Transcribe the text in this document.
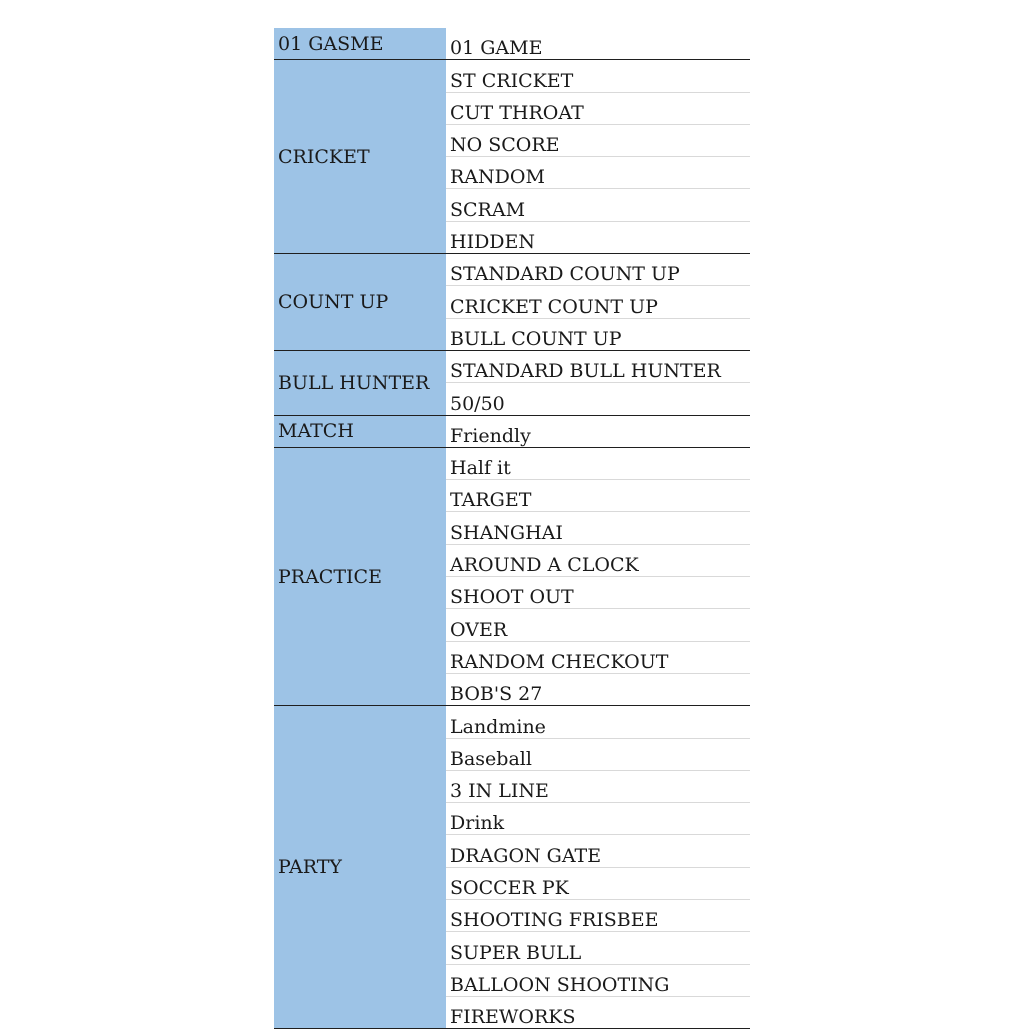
01 GASME	01 GAME
CRICKET	ST CRICKET
	CUT THROAT
	NO SCORE
	RANDOM
	SCRAM
	HIDDEN
COUNT UP	STANDARD COUNT UP
	CRICKET COUNT UP
	BULL COUNT UP
BULL HUNTER	STANDARD BULL HUNTER
	50/50
MATCH	Friendly
PRACTICE	Half it
	TARGET
	SHANGHAI
	AROUND A CLOCK
	SHOOT OUT
	OVER
	RANDOM CHECKOUT
	BOB'S 27
PARTY	Landmine
	Baseball
	3 IN LINE
	Drink
	DRAGON GATE
	SOCCER PK
	SHOOTING FRISBEE
	SUPER BULL
	BALLOON SHOOTING
	FIREWORKS
